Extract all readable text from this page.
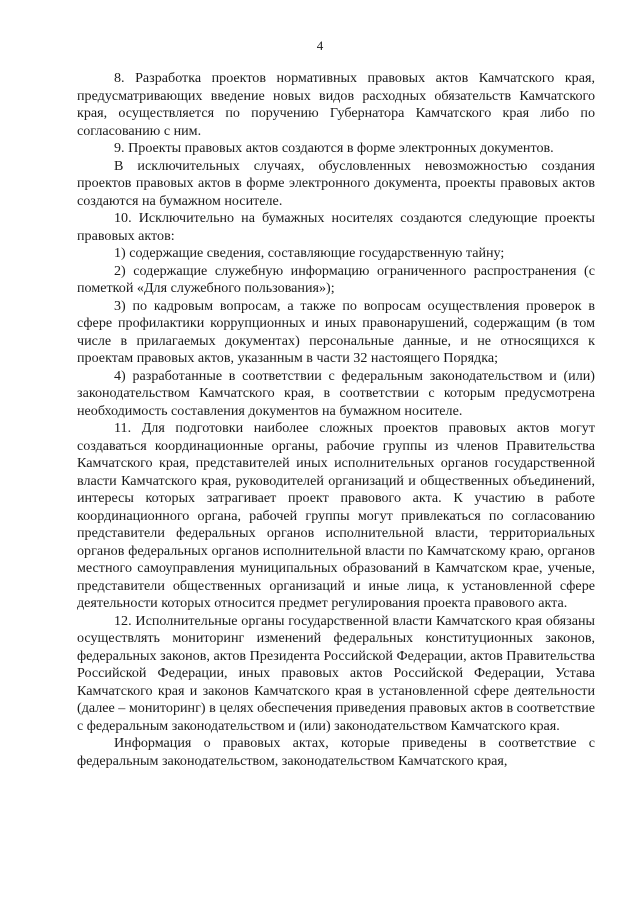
4

8. Разработка проектов нормативных правовых актов Камчатского края, предусматривающих введение новых видов расходных обязательств Камчатского края, осуществляется по поручению Губернатора Камчатского края либо по согласованию с ним.

9. Проекты правовых актов создаются в форме электронных документов.

В исключительных случаях, обусловленных невозможностью создания проектов правовых актов в форме электронного документа, проекты правовых актов создаются на бумажном носителе.

10. Исключительно на бумажных носителях создаются следующие проекты правовых актов:

1) содержащие сведения, составляющие государственную тайну;

2) содержащие служебную информацию ограниченного распространения (с пометкой «Для служебного пользования»);

3) по кадровым вопросам, а также по вопросам осуществления проверок в сфере профилактики коррупционных и иных правонарушений, содержащим (в том числе в прилагаемых документах) персональные данные, и не относящихся к проектам правовых актов, указанным в части 32 настоящего Порядка;

4) разработанные в соответствии с федеральным законодательством и (или) законодательством Камчатского края, в соответствии с которым предусмотрена необходимость составления документов на бумажном носителе.

11. Для подготовки наиболее сложных проектов правовых актов могут создаваться координационные органы, рабочие группы из членов Правительства Камчатского края, представителей иных исполнительных органов государственной власти Камчатского края, руководителей организаций и общественных объединений, интересы которых затрагивает проект правового акта. К участию в работе координационного органа, рабочей группы могут привлекаться по согласованию представители федеральных органов исполнительной власти, территориальных органов федеральных органов исполнительной власти по Камчатскому краю, органов местного самоуправления муниципальных образований в Камчатском крае, ученые, представители общественных организаций и иные лица, к установленной сфере деятельности которых относится предмет регулирования проекта правового акта.

12. Исполнительные органы государственной власти Камчатского края обязаны осуществлять мониторинг изменений федеральных конституционных законов, федеральных законов, актов Президента Российской Федерации, актов Правительства Российской Федерации, иных правовых актов Российской Федерации, Устава Камчатского края и законов Камчатского края в установленной сфере деятельности (далее – мониторинг) в целях обеспечения приведения правовых актов в соответствие с федеральным законодательством и (или) законодательством Камчатского края.

Информация о правовых актах, которые приведены в соответствие с федеральным законодательством, законодательством Камчатского края,
